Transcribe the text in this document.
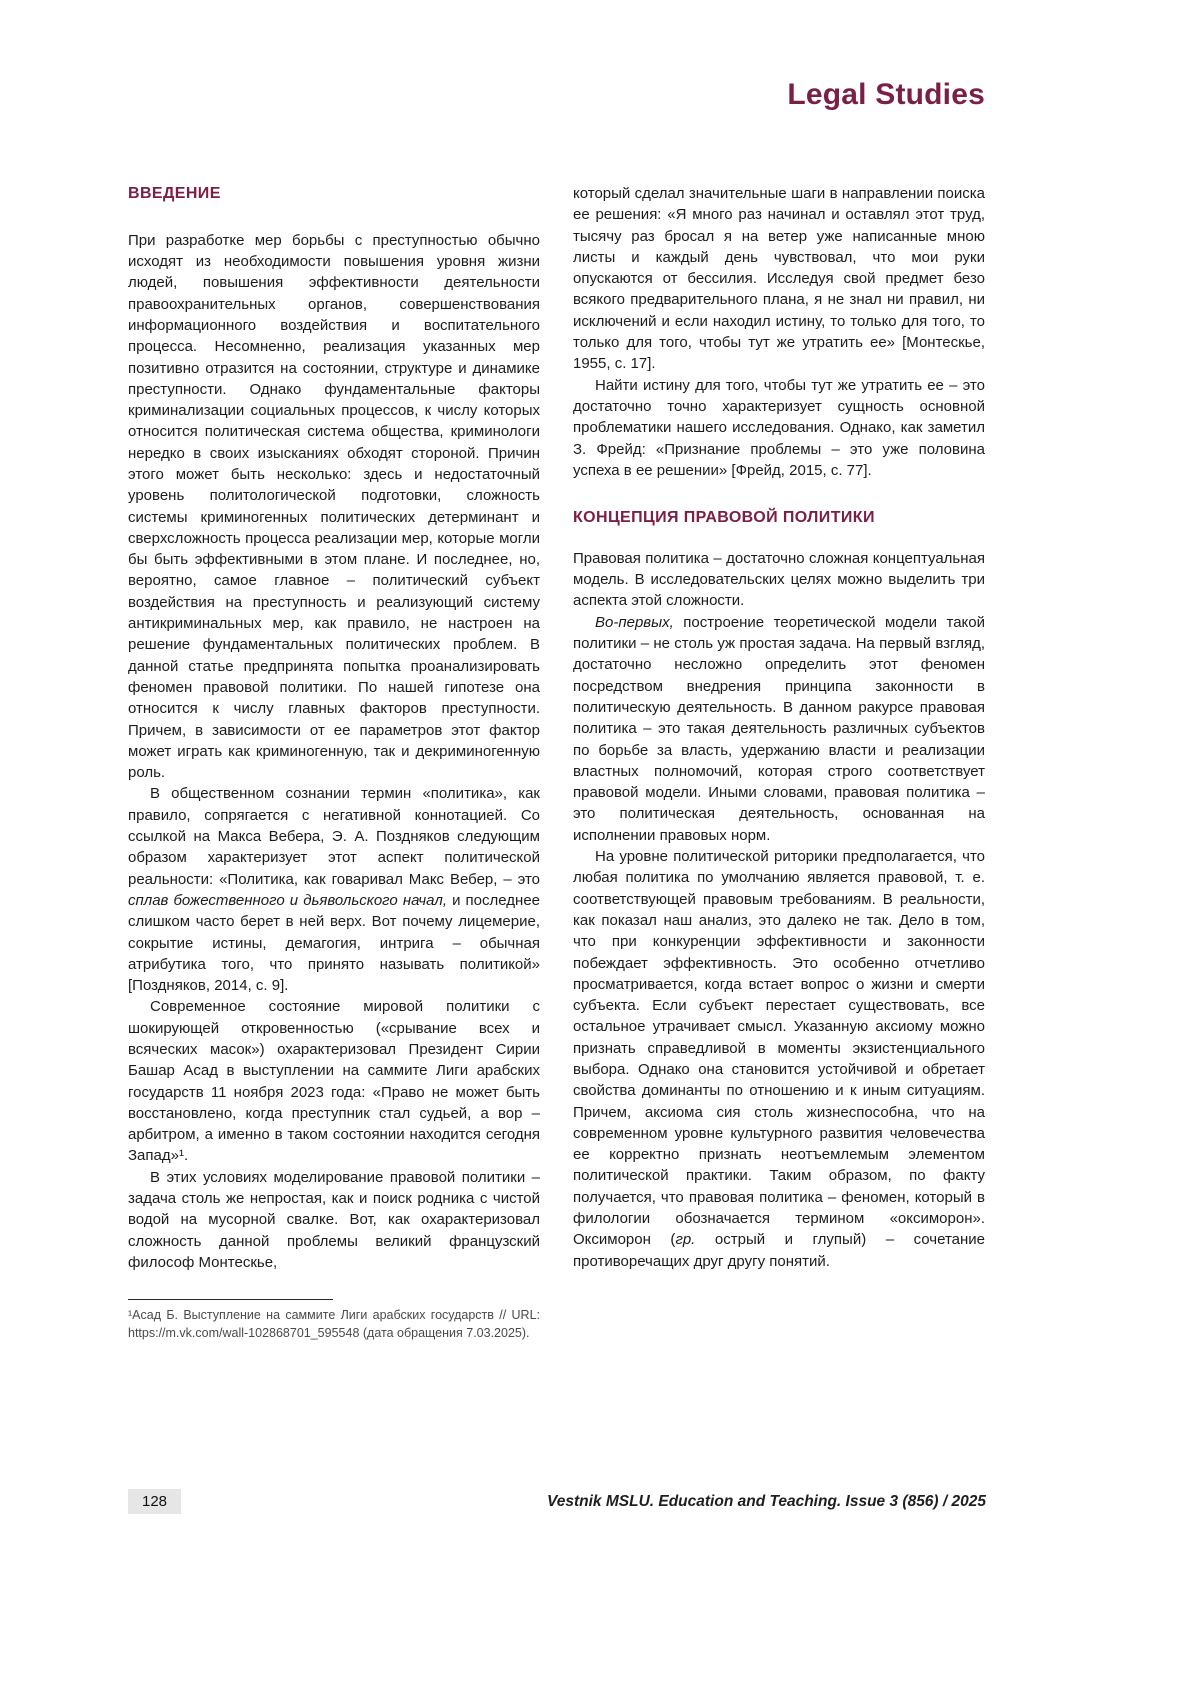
Legal Studies
ВВЕДЕНИЕ

При разработке мер борьбы с преступностью обычно исходят из необходимости повышения уровня жизни людей, повышения эффективности деятельности правоохранительных органов, совершенствования информационного воздействия и воспитательного процесса. Несомненно, реализация указанных мер позитивно отразится на состоянии, структуре и динамике преступности. Однако фундаментальные факторы криминализации социальных процессов, к числу которых относится политическая система общества, криминологи нередко в своих изысканиях обходят стороной. Причин этого может быть несколько: здесь и недостаточный уровень политологической подготовки, сложность системы криминогенных политических детерминант и сверхсложность процесса реализации мер, которые могли бы быть эффективными в этом плане. И последнее, но, вероятно, самое главное – политический субъект воздействия на преступность и реализующий систему антикриминальных мер, как правило, не настроен на решение фундаментальных политических проблем. В данной статье предпринята попытка проанализировать феномен правовой политики. По нашей гипотезе она относится к числу главных факторов преступности. Причем, в зависимости от ее параметров этот фактор может играть как криминогенную, так и декриминогенную роль.

В общественном сознании термин «политика», как правило, сопрягается с негативной коннотацией. Со ссылкой на Макса Вебера, Э. А. Поздняков следующим образом характеризует этот аспект политической реальности: «Политика, как говаривал Макс Вебер, – это сплав божественного и дьявольского начал, и последнее слишком часто берет в ней верх. Вот почему лицемерие, сокрытие истины, демагогия, интрига – обычная атрибутика того, что принято называть политикой» [Поздняков, 2014, с. 9].

Современное состояние мировой политики с шокирующей откровенностью («срывание всех и всяческих масок») охарактеризовал Президент Сирии Башар Асад в выступлении на саммите Лиги арабских государств 11 ноября 2023 года: «Право не может быть восстановлено, когда преступник стал судьей, а вор – арбитром, а именно в таком состоянии находится сегодня Запад»¹.

В этих условиях моделирование правовой политики – задача столь же непростая, как и поиск родника с чистой водой на мусорной свалке. Вот, как охарактеризовал сложность данной проблемы великий французский философ Монтескье,

¹Асад Б. Выступление на саммите Лиги арабских государств // URL: https://m.vk.com/wall-102868701_595548 (дата обращения 7.03.2025).

который сделал значительные шаги в направлении поиска ее решения: «Я много раз начинал и оставлял этот труд, тысячу раз бросал я на ветер уже написанные мною листы и каждый день чувствовал, что мои руки опускаются от бессилия. Исследуя свой предмет безо всякого предварительного плана, я не знал ни правил, ни исключений и если находил истину, то только для того, то только для того, чтобы тут же утратить ее» [Монтескье, 1955, с. 17].

Найти истину для того, чтобы тут же утратить ее – это достаточно точно характеризует сущность основной проблематики нашего исследования. Однако, как заметил З. Фрейд: «Признание проблемы – это уже половина успеха в ее решении» [Фрейд, 2015, с. 77].

КОНЦЕПЦИЯ ПРАВОВОЙ ПОЛИТИКИ

Правовая политика – достаточно сложная концептуальная модель. В исследовательских целях можно выделить три аспекта этой сложности.

Во-первых, построение теоретической модели такой политики – не столь уж простая задача. На первый взгляд, достаточно несложно определить этот феномен посредством внедрения принципа законности в политическую деятельность. В данном ракурсе правовая политика – это такая деятельность различных субъектов по борьбе за власть, удержанию власти и реализации властных полномочий, которая строго соответствует правовой модели. Иными словами, правовая политика – это политическая деятельность, основанная на исполнении правовых норм.

На уровне политической риторики предполагается, что любая политика по умолчанию является правовой, т. е. соответствующей правовым требованиям. В реальности, как показал наш анализ, это далеко не так. Дело в том, что при конкуренции эффективности и законности побеждает эффективность. Это особенно отчетливо просматривается, когда встает вопрос о жизни и смерти субъекта. Если субъект перестает существовать, все остальное утрачивает смысл. Указанную аксиому можно признать справедливой в моменты экзистенциального выбора. Однако она становится устойчивой и обретает свойства доминанты по отношению и к иным ситуациям. Причем, аксиома сия столь жизнеспособна, что на современном уровне культурного развития человечества ее корректно признать неотъемлемым элементом политической практики. Таким образом, по факту получается, что правовая политика – феномен, который в филологии обозначается термином «оксиморон». Оксиморон (гр. острый и глупый) – сочетание противоречащих друг другу понятий.

128	Vestnik MSLU. Education and Teaching. Issue 3 (856) / 2025
